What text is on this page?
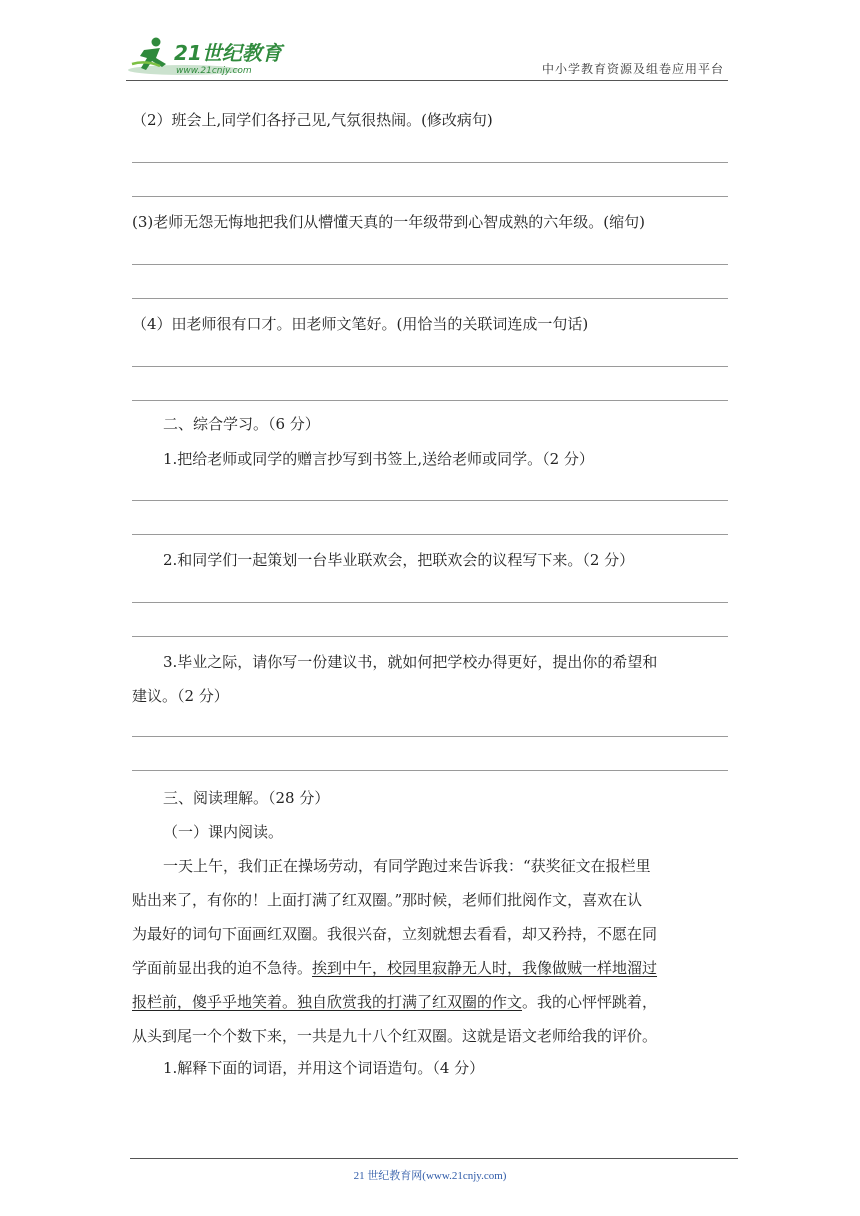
21世纪教育
www.21cnjy.com	中小学教育资源及组卷应用平台
（2）班会上,同学们各抒己见,气氛很热闹。(修改病句)
(3)老师无怨无悔地把我们从懵懂天真的一年级带到心智成熟的六年级。(缩句)
（4）田老师很有口才。田老师文笔好。(用恰当的关联词连成一句话)
二、综合学习。（6 分）
1.把给老师或同学的赠言抄写到书签上,送给老师或同学。（2 分）
2.和同学们一起策划一台毕业联欢会，把联欢会的议程写下来。（2 分）
3.毕业之际，请你写一份建议书，就如何把学校办得更好，提出你的希望和
建议。（2 分）
三、阅读理解。（28 分）
（一）课内阅读。
一天上午，我们正在操场劳动，有同学跑过来告诉我：“获奖征文在报栏里
贴出来了，有你的！上面打满了红双圈。”那时候，老师们批阅作文，喜欢在认
为最好的词句下面画红双圈。我很兴奋，立刻就想去看看，却又矜持，不愿在同
学面前显出我的迫不急待。挨到中午，校园里寂静无人时，我像做贼一样地溜过
报栏前，傻乎乎地笑着。独自欣赏我的打满了红双圈的作文。我的心怦怦跳着，
从头到尾一个个数下来，一共是九十八个红双圈。这就是语文老师给我的评价。
1.解释下面的词语，并用这个词语造句。（4 分）
21 世纪教育网(www.21cnjy.com)
